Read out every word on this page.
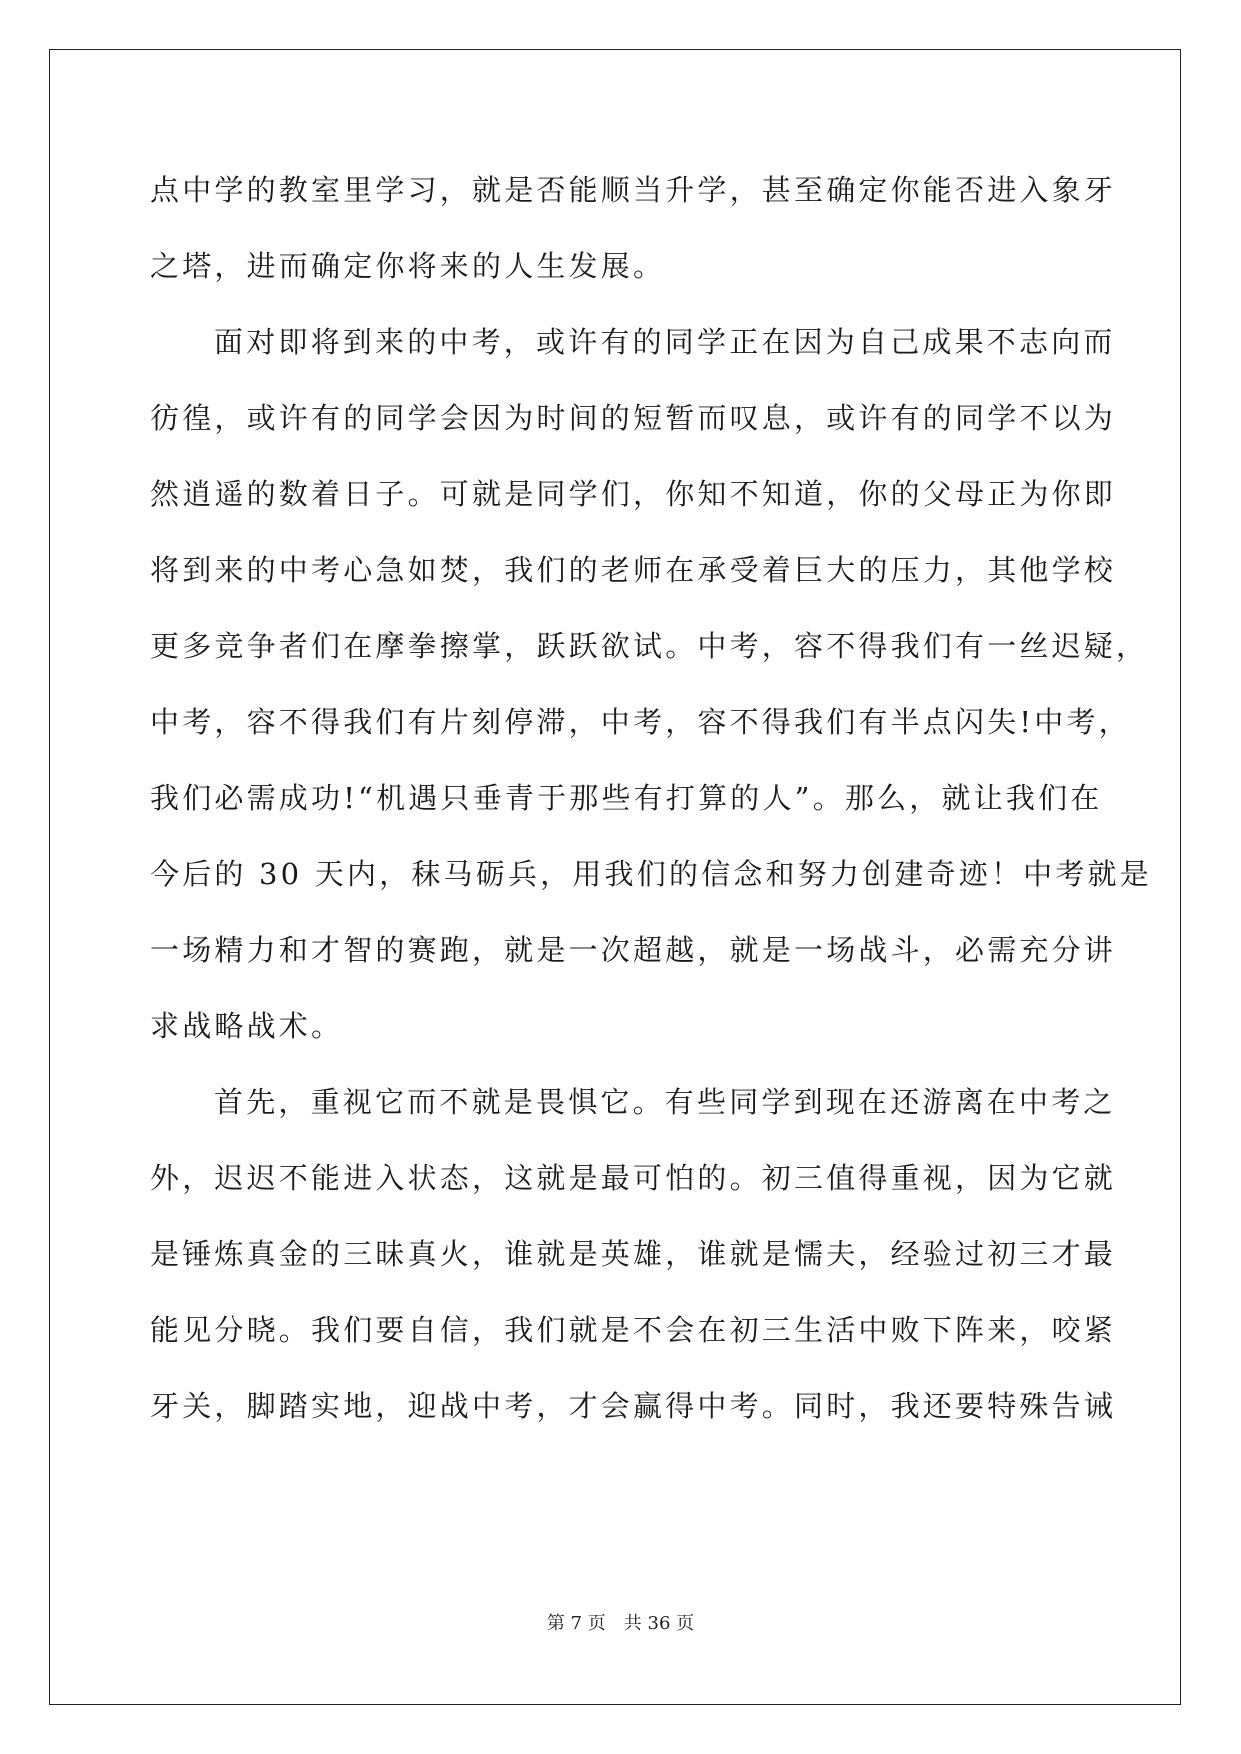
点中学的教室里学习，就是否能顺当升学，甚至确定你能否进入象牙
之塔，进而确定你将来的人生发展。
面对即将到来的中考，或许有的同学正在因为自己成果不志向而
彷徨，或许有的同学会因为时间的短暂而叹息，或许有的同学不以为
然逍遥的数着日子。可就是同学们，你知不知道，你的父母正为你即
将到来的中考心急如焚，我们的老师在承受着巨大的压力，其他学校
更多竞争者们在摩拳擦掌，跃跃欲试。中考，容不得我们有一丝迟疑，
中考，容不得我们有片刻停滞，中考，容不得我们有半点闪失!中考，
我们必需成功!“机遇只垂青于那些有打算的人”。那么，就让我们在
今后的 30 天内，秣马砺兵，用我们的信念和努力创建奇迹！中考就是
一场精力和才智的赛跑，就是一次超越，就是一场战斗，必需充分讲
求战略战术。
首先，重视它而不就是畏惧它。有些同学到现在还游离在中考之
外，迟迟不能进入状态，这就是最可怕的。初三值得重视，因为它就
是锤炼真金的三昧真火，谁就是英雄，谁就是懦夫，经验过初三才最
能见分晓。我们要自信，我们就是不会在初三生活中败下阵来，咬紧
牙关，脚踏实地，迎战中考，才会赢得中考。同时，我还要特殊告诫
第 7 页　共 36 页
